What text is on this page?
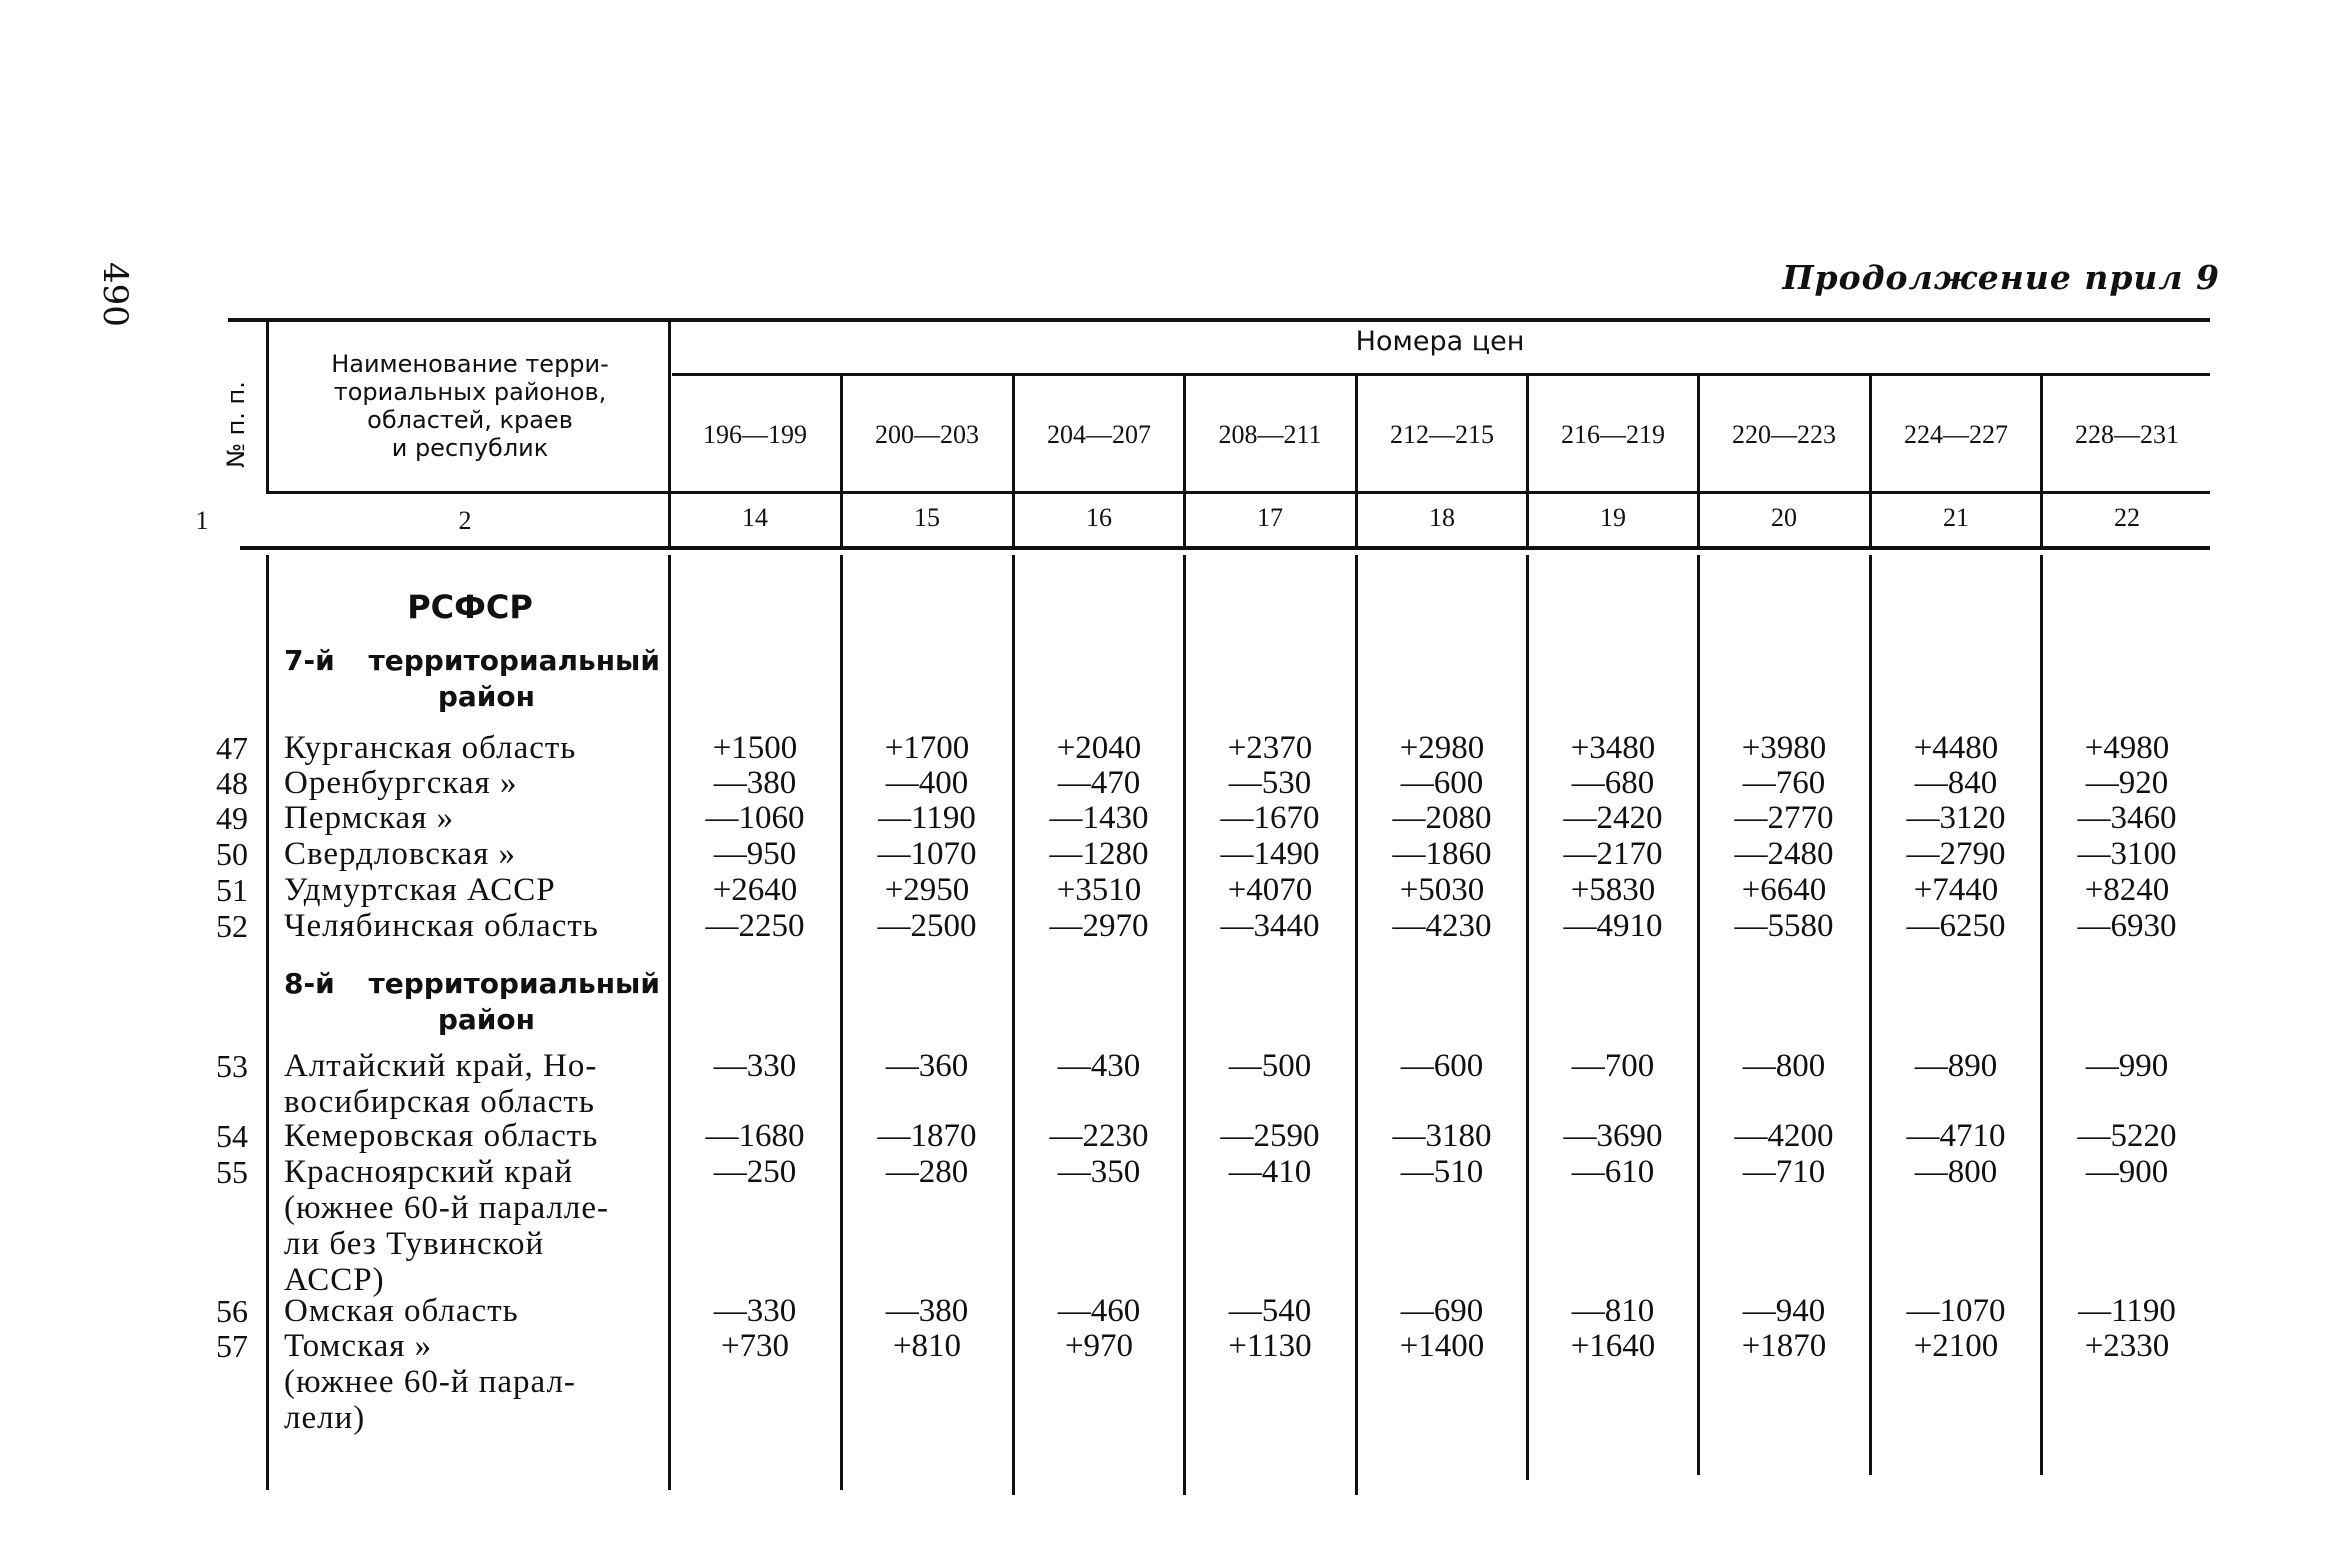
490	Продолжение прил 9
№ п. п.
Наименование терри-
ториальных районов,
областей, краев
и республик
Номера цен
196—199	200—203	204—207	208—211	212—215	216—219	220—223	224—227	228—231
1	2	14	15	16	17	18	19	20	21	22
РСФСР
7-й территориальный
район
8-й территориальный
район
47 Курганская область	+1500	+1700	+2040	+2370	+2980	+3480	+3980	+4480	+4980
48 Оренбургская »	—380	—400	—470	—530	—600	—680	—760	—840	—920
49 Пермская »	—1060	—1190	—1430	—1670	—2080	—2420	—2770	—3120	—3460
50 Свердловская »	—950	—1070	—1280	—1490	—1860	—2170	—2480	—2790	—3100
51 Удмуртская АССР	+2640	+2950	+3510	+4070	+5030	+5830	+6640	+7440	+8240
52 Челябинская область	—2250	—2500	—2970	—3440	—4230	—4910	—5580	—6250	—6930
53 Алтайский край, Но-
восибирская область
—330	—360	—430	—500	—600	—700	—800	—890	—990
54 Кемеровская область	—1680	—1870	—2230	—2590	—3180	—3690	—4200	—4710	—5220
55 Красноярский край
(южнее 60-й паралле-
ли без Тувинской
АССР)
—250	—280	—350	—410	—510	—610	—710	—800	—900
56 Омская область	—330	—380	—460	—540	—690	—810	—940	—1070	—1190
57 Томская »
(южнее 60-й парал-
лели)
+730	+810	+970	+1130	+1400	+1640	+1870	+2100	+2330
